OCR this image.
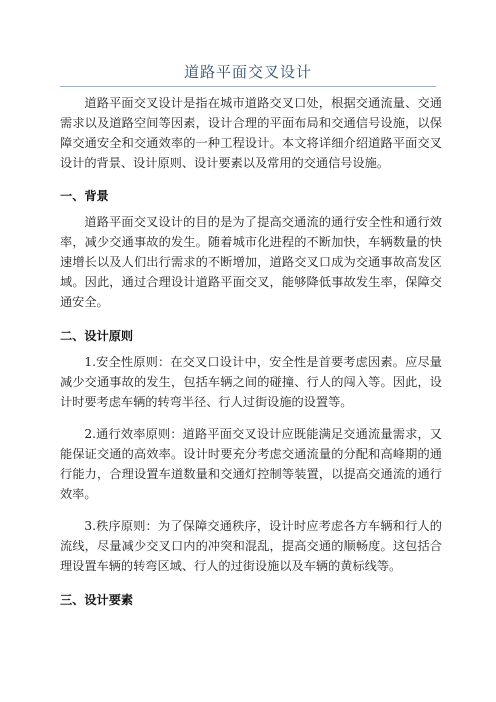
道路平面交叉设计

道路平面交叉设计是指在城市道路交叉口处，根据交通流量、交通需求以及道路空间等因素，设计合理的平面布局和交通信号设施，以保障交通安全和交通效率的一种工程设计。本文将详细介绍道路平面交叉设计的背景、设计原则、设计要素以及常用的交通信号设施。

一、背景

道路平面交叉设计的目的是为了提高交通流的通行安全性和通行效率，减少交通事故的发生。随着城市化进程的不断加快，车辆数量的快速增长以及人们出行需求的不断增加，道路交叉口成为交通事故高发区域。因此，通过合理设计道路平面交叉，能够降低事故发生率，保障交通安全。

二、设计原则

1.安全性原则：在交叉口设计中，安全性是首要考虑因素。应尽量减少交通事故的发生，包括车辆之间的碰撞、行人的闯入等。因此，设计时要考虑车辆的转弯半径、行人过街设施的设置等。

2.通行效率原则：道路平面交叉设计应既能满足交通流量需求，又能保证交通的高效率。设计时要充分考虑交通流量的分配和高峰期的通行能力，合理设置车道数量和交通灯控制等装置，以提高交通流的通行效率。

3.秩序原则：为了保障交通秩序，设计时应考虑各方车辆和行人的流线，尽量减少交叉口内的冲突和混乱，提高交通的顺畅度。这包括合理设置车辆的转弯区域、行人的过街设施以及车辆的黄标线等。

三、设计要素
